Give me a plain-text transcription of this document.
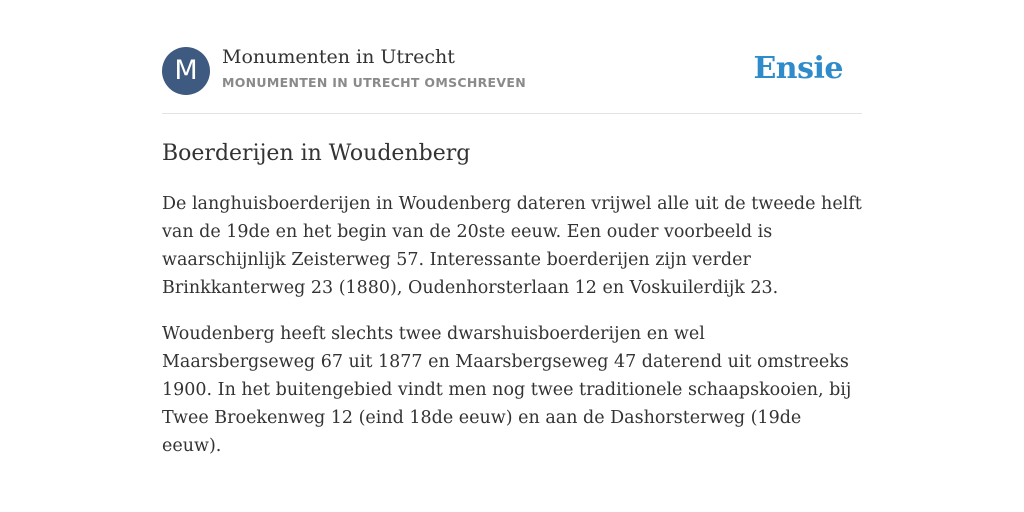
M	Monumenten in Utrecht
MONUMENTEN IN UTRECHT OMSCHREVEN	Ensie
Boerderijen in Woudenberg

De langhuisboerderijen in Woudenberg dateren vrijwel alle uit de tweede helft van de 19de en het begin van de 20ste eeuw. Een ouder voorbeeld is waarschijnlijk Zeisterweg 57. Interessante boerderijen zijn verder Brinkkanterweg 23 (1880), Oudenhorsterlaan 12 en Voskuilerdijk 23.

Woudenberg heeft slechts twee dwarshuisboerderijen en wel Maarsbergseweg 67 uit 1877 en Maarsbergseweg 47 daterend uit omstreeks 1900. In het buitengebied vindt men nog twee traditionele schaapskooien, bij Twee Broekenweg 12 (eind 18de eeuw) en aan de Dashorsterweg (19de eeuw).
